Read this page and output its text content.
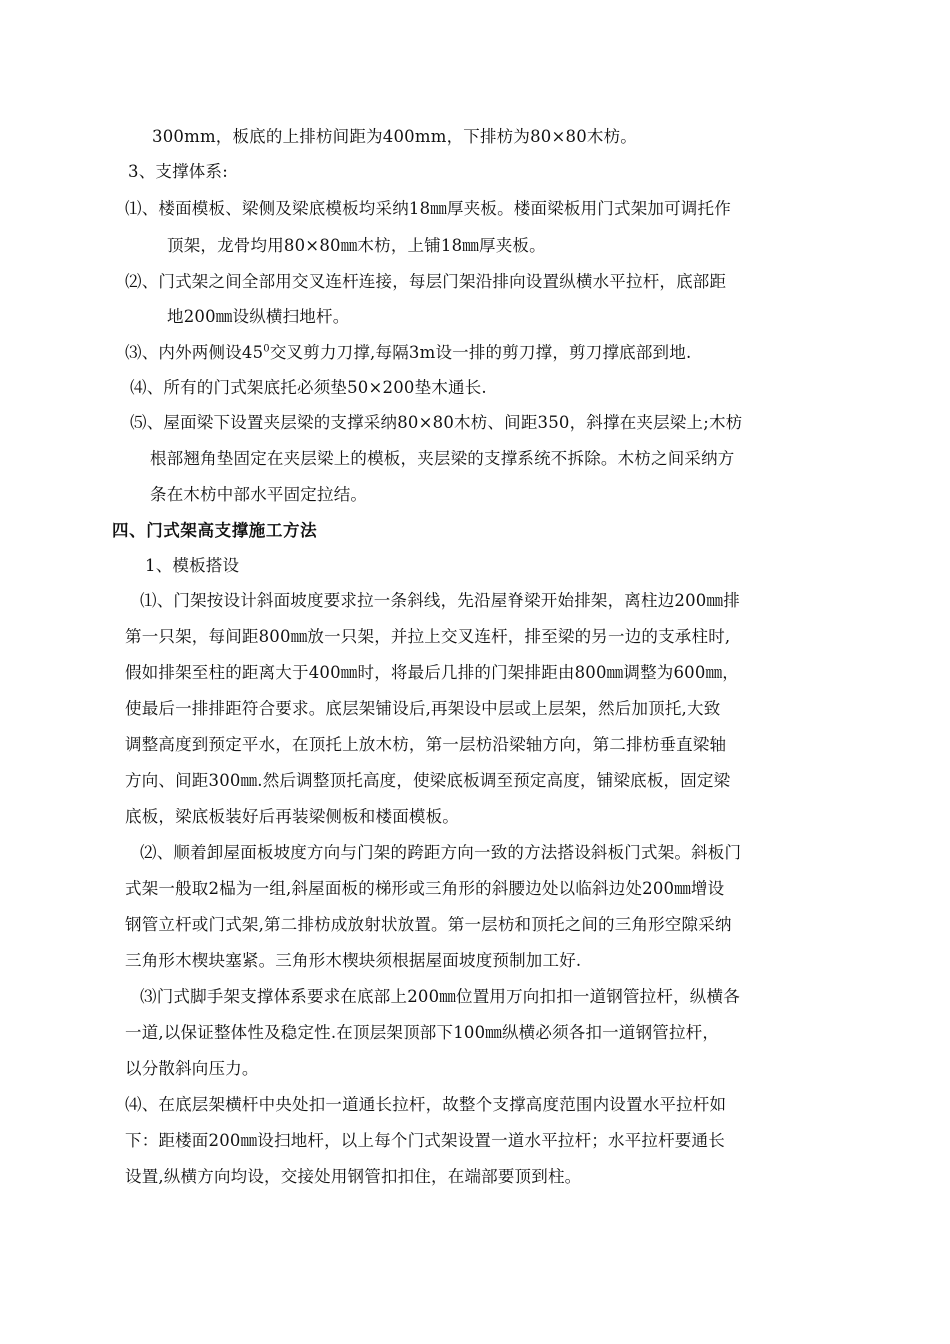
300mm，板底的上排枋间距为400mm，下排枋为80×80木枋。
3、支撑体系:
⑴、楼面模板、梁侧及梁底模板均采纳18㎜厚夹板。楼面梁板用门式架加可调托作
顶架，龙骨均用80×80㎜木枋，上铺18㎜厚夹板。
⑵、门式架之间全部用交叉连杆连接，每层门架沿排向设置纵横水平拉杆，底部距
地200㎜设纵横扫地杆。
⑶、内外两侧设$45^0$交叉剪力刀撑,每隔3m设一排的剪刀撑，剪刀撑底部到地.
⑷、所有的门式架底托必须垫50×200垫木通长.
⑸、屋面梁下设置夹层梁的支撑采纳80×80木枋、间距350，斜撑在夹层梁上;木枋
根部翘角垫固定在夹层梁上的模板，夹层梁的支撑系统不拆除。木枋之间采纳方
条在木枋中部水平固定拉结。
四、门式架高支撑施工方法
1、模板搭设
⑴、门架按设计斜面坡度要求拉一条斜线，先沿屋脊梁开始排架，离柱边200㎜排
第一只架，每间距800㎜放一只架，并拉上交叉连杆，排至梁的另一边的支承柱时,
假如排架至柱的距离大于400㎜时，将最后几排的门架排距由800㎜调整为600㎜，
使最后一排排距符合要求。底层架铺设后,再架设中层或上层架，然后加顶托,大致
调整高度到预定平水，在顶托上放木枋，第一层枋沿梁轴方向，第二排枋垂直梁轴
方向、间距300㎜.然后调整顶托高度，使梁底板调至预定高度，铺梁底板，固定梁
底板，梁底板装好后再装梁侧板和楼面模板。
⑵、顺着卸屋面板坡度方向与门架的跨距方向一致的方法搭设斜板门式架。斜板门
式架一般取2榀为一组,斜屋面板的梯形或三角形的斜腰边处以临斜边处200㎜增设
钢管立杆或门式架,第二排枋成放射状放置。第一层枋和顶托之间的三角形空隙采纳
三角形木楔块塞紧。三角形木楔块须根据屋面坡度预制加工好.
⑶门式脚手架支撑体系要求在底部上200㎜位置用万向扣扣一道钢管拉杆，纵横各
一道,以保证整体性及稳定性.在顶层架顶部下100㎜纵横必须各扣一道钢管拉杆，
以分散斜向压力。
⑷、在底层架横杆中央处扣一道通长拉杆，故整个支撑高度范围内设置水平拉杆如
下：距楼面200㎜设扫地杆，以上每个门式架设置一道水平拉杆；水平拉杆要通长
设置,纵横方向均设，交接处用钢管扣扣住，在端部要顶到柱。
